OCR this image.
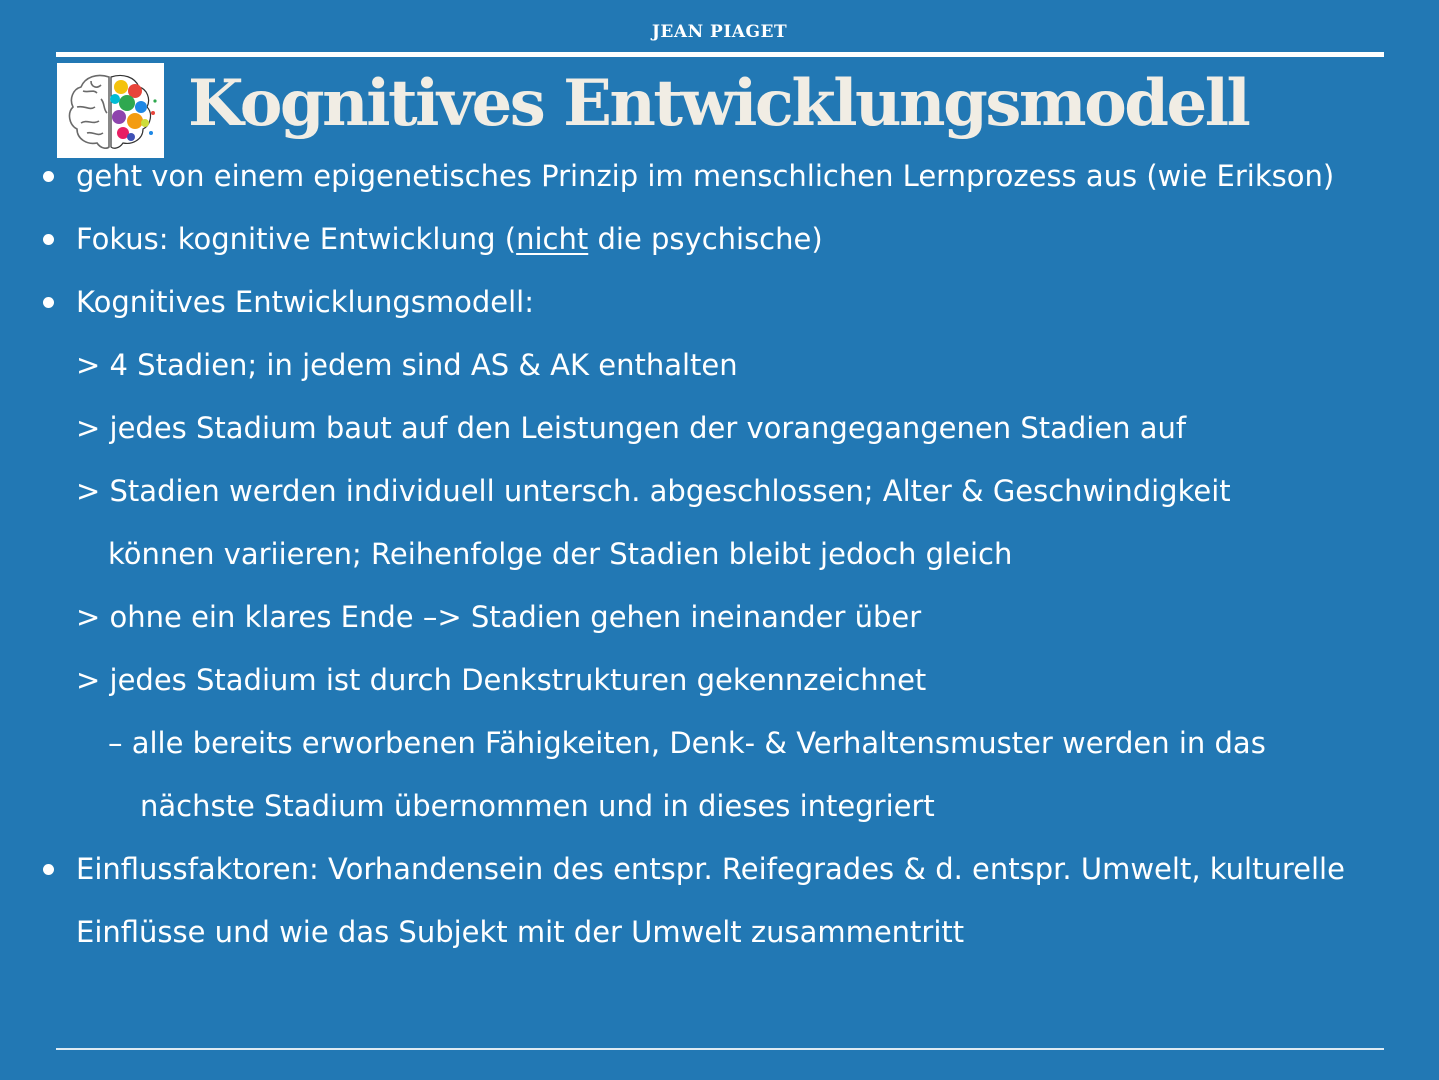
JEAN PIAGET
Kognitives Entwicklungsmodell
geht von einem epigenetisches Prinzip im menschlichen Lernprozess aus (wie Erikson)
Fokus: kognitive Entwicklung (nicht die psychische)
Kognitives Entwicklungsmodell:
> 4 Stadien; in jedem sind AS & AK enthalten
> jedes Stadium baut auf den Leistungen der vorangegangenen Stadien auf
> Stadien werden individuell untersch. abgeschlossen; Alter & Geschwindigkeit
können variieren; Reihenfolge der Stadien bleibt jedoch gleich
> ohne ein klares Ende –> Stadien gehen ineinander über
> jedes Stadium ist durch Denkstrukturen gekennzeichnet
– alle bereits erworbenen Fähigkeiten, Denk- & Verhaltensmuster werden in das
nächste Stadium übernommen und in dieses integriert
Einflussfaktoren: Vorhandensein des entspr. Reifegrades & d. entspr. Umwelt, kulturelle
Einflüsse und wie das Subjekt mit der Umwelt zusammentritt
